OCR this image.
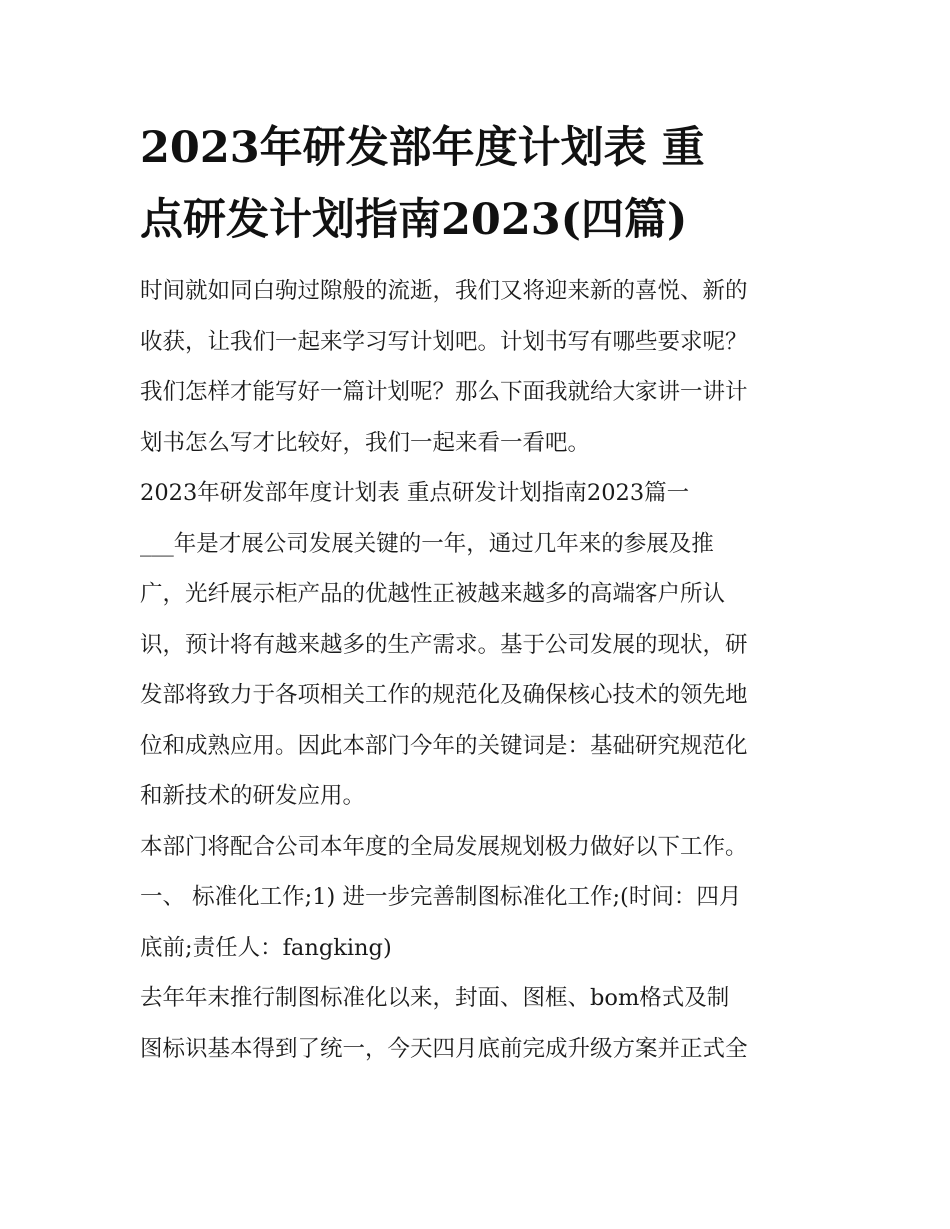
2023年研发部年度计划表 重
点研发计划指南2023(四篇)

时间就如同白驹过隙般的流逝，我们又将迎来新的喜悦、新的
收获，让我们一起来学习写计划吧。计划书写有哪些要求呢？
我们怎样才能写好一篇计划呢？那么下面我就给大家讲一讲计
划书怎么写才比较好，我们一起来看一看吧。

2023年研发部年度计划表 重点研发计划指南2023篇一

___年是才展公司发展关键的一年，通过几年来的参展及推
广，光纤展示柜产品的优越性正被越来越多的高端客户所认
识，预计将有越来越多的生产需求。基于公司发展的现状，研
发部将致力于各项相关工作的规范化及确保核心技术的领先地
位和成熟应用。因此本部门今年的关键词是：基础研究规范化
和新技术的研发应用。

本部门将配合公司本年度的全局发展规划极力做好以下工作。

一、 标准化工作;1) 进一步完善制图标准化工作;(时间：四月
底前;责任人：fangking)

去年年末推行制图标准化以来，封面、图框、bom格式及制
图标识基本得到了统一，今天四月底前完成升级方案并正式全
